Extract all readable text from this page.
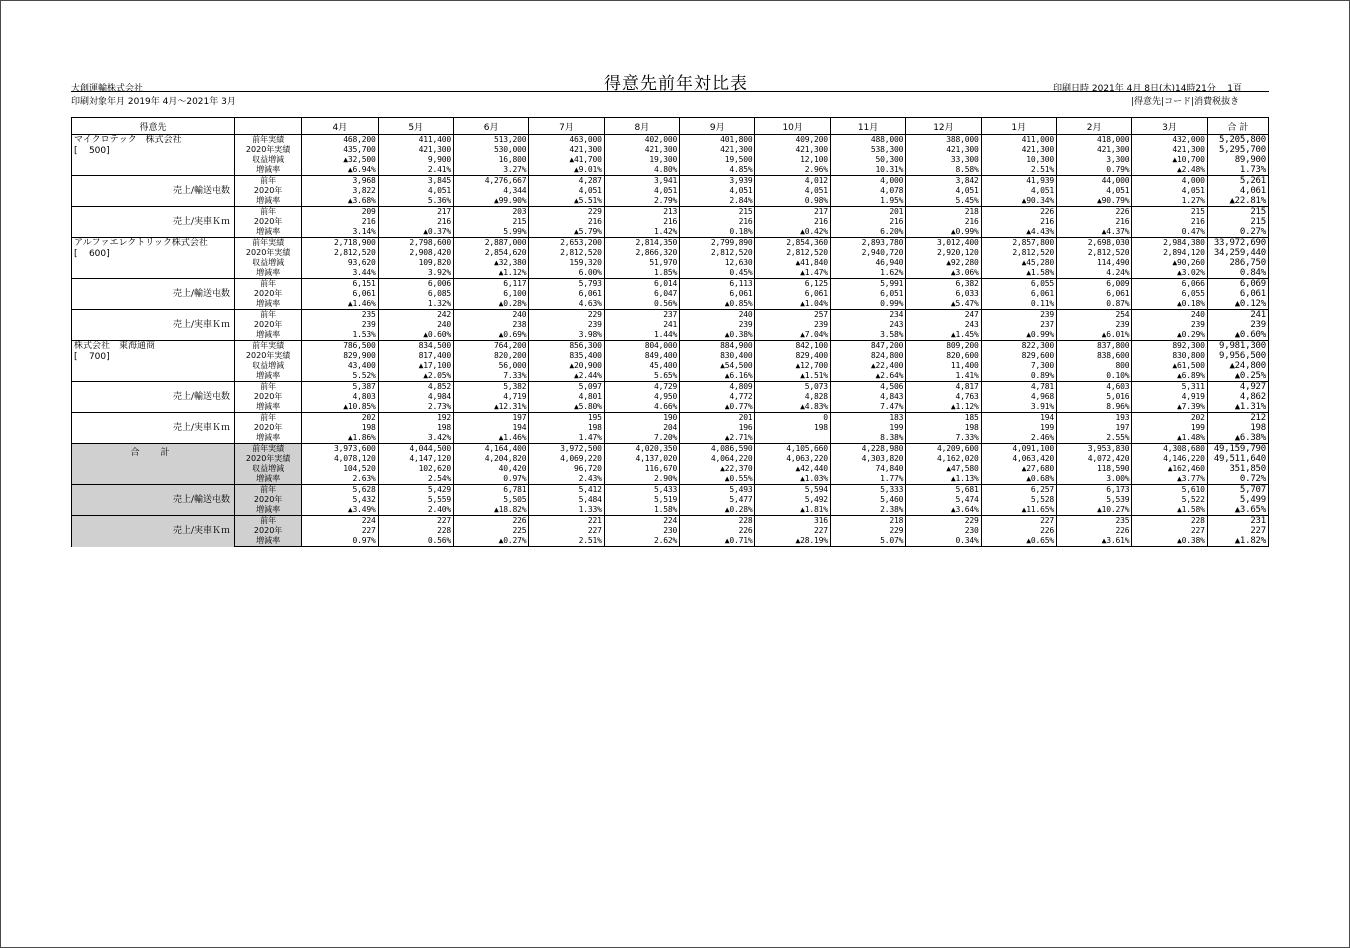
大創運輸株式会社	得意先前年対比表	印刷日時 2021年 4月 8日(木)14時21分    1頁
印刷対象年月 2019年 4月～2021年 3月	|得意先|コード|消費税抜き
得意先		4月	5月	6月	7月	8月	9月	10月	11月	12月	1月	2月	3月	合 計

マイクロテック　株式会社
[    500]	前年実績	468,200	411,400	513,200	463,000	402,000	401,800	409,200	488,000	388,000	411,000	418,000	432,000	5,205,800
	2020年実績	435,700	421,300	530,000	421,300	421,300	421,300	421,300	538,300	421,300	421,300	421,300	421,300	5,295,700
	収益増減	▲32,500	9,900	16,800	▲41,700	19,300	19,500	12,100	50,300	33,300	10,300	3,300	▲10,700	89,900
	増減率	▲6.94%	2.41%	3.27%	▲9.01%	4.80%	4.85%	2.96%	10.31%	8.58%	2.51%	0.79%	▲2.48%	1.73%
売上/輸送屯数	前年	3,968	3,845	4,276,667	4,287	3,941	3,939	4,012	4,000	3,842	41,939	44,000	4,000	5,261
	2020年	3,822	4,051	4,344	4,051	4,051	4,051	4,051	4,078	4,051	4,051	4,051	4,051	4,061
	増減率	▲3.68%	5.36%	▲99.90%	▲5.51%	2.79%	2.84%	0.98%	1.95%	5.45%	▲90.34%	▲90.79%	1.27%	▲22.81%
売上/実車Ｋｍ	前年	209	217	203	229	213	215	217	201	218	226	226	215	215
	2020年	216	216	215	216	216	216	216	216	216	216	216	216	215
	増減率	3.14%	▲0.37%	5.99%	▲5.79%	1.42%	0.18%	▲0.42%	6.20%	▲0.99%	▲4.43%	▲4.37%	0.47%	0.27%

アルファエレクトリック株式会社
[    600]	前年実績	2,718,900	2,798,600	2,887,000	2,653,200	2,814,350	2,799,890	2,854,360	2,893,780	3,012,400	2,857,800	2,698,030	2,984,380	33,972,690
	2020年実績	2,812,520	2,908,420	2,854,620	2,812,520	2,866,320	2,812,520	2,812,520	2,940,720	2,920,120	2,812,520	2,812,520	2,894,120	34,259,440
	収益増減	93,620	109,820	▲32,380	159,320	51,970	12,630	▲41,840	46,940	▲92,280	▲45,280	114,490	▲90,260	286,750
	増減率	3.44%	3.92%	▲1.12%	6.00%	1.85%	0.45%	▲1.47%	1.62%	▲3.06%	▲1.58%	4.24%	▲3.02%	0.84%
売上/輸送屯数	前年	6,151	6,006	6,117	5,793	6,014	6,113	6,125	5,991	6,382	6,055	6,009	6,066	6,069
	2020年	6,061	6,085	6,100	6,061	6,047	6,061	6,061	6,051	6,033	6,061	6,061	6,055	6,061
	増減率	▲1.46%	1.32%	▲0.28%	4.63%	0.56%	▲0.85%	▲1.04%	0.99%	▲5.47%	0.11%	0.87%	▲0.18%	▲0.12%
売上/実車Ｋｍ	前年	235	242	240	229	237	240	257	234	247	239	254	240	241
	2020年	239	240	238	239	241	239	239	243	243	237	239	239	239
	増減率	1.53%	▲0.60%	▲0.69%	3.98%	1.44%	▲0.38%	▲7.04%	3.58%	▲1.45%	▲0.99%	▲6.01%	▲0.29%	▲0.60%

株式会社　東海通商
[    700]	前年実績	786,500	834,500	764,200	856,300	804,000	884,900	842,100	847,200	809,200	822,300	837,800	892,300	9,981,300
	2020年実績	829,900	817,400	820,200	835,400	849,400	830,400	829,400	824,800	820,600	829,600	838,600	830,800	9,956,500
	収益増減	43,400	▲17,100	56,000	▲20,900	45,400	▲54,500	▲12,700	▲22,400	11,400	7,300	800	▲61,500	▲24,800
	増減率	5.52%	▲2.05%	7.33%	▲2.44%	5.65%	▲6.16%	▲1.51%	▲2.64%	1.41%	0.89%	0.10%	▲6.89%	▲0.25%
売上/輸送屯数	前年	5,387	4,852	5,382	5,097	4,729	4,809	5,073	4,506	4,817	4,781	4,603	5,311	4,927
	2020年	4,803	4,984	4,719	4,801	4,950	4,772	4,828	4,843	4,763	4,968	5,016	4,919	4,862
	増減率	▲10.85%	2.73%	▲12.31%	▲5.80%	4.66%	▲0.77%	▲4.83%	7.47%	▲1.12%	3.91%	8.96%	▲7.39%	▲1.31%
売上/実車Ｋｍ	前年	202	192	197	195	190	201	0	183	185	194	193	202	212
	2020年	198	198	194	198	204	196	198	199	198	199	197	199	198
	増減率	▲1.86%	3.42%	▲1.46%	1.47%	7.20%	▲2.71%		8.38%	7.33%	2.46%	2.55%	▲1.48%	▲6.38%

合　計	前年実績	3,973,600	4,044,500	4,164,400	3,972,500	4,020,350	4,086,590	4,105,660	4,228,980	4,209,600	4,091,100	3,953,830	4,308,680	49,159,790
	2020年実績	4,078,120	4,147,120	4,204,820	4,069,220	4,137,020	4,064,220	4,063,220	4,303,820	4,162,020	4,063,420	4,072,420	4,146,220	49,511,640
	収益増減	104,520	102,620	40,420	96,720	116,670	▲22,370	▲42,440	74,840	▲47,580	▲27,680	118,590	▲162,460	351,850
	増減率	2.63%	2.54%	0.97%	2.43%	2.90%	▲0.55%	▲1.03%	1.77%	▲1.13%	▲0.68%	3.00%	▲3.77%	0.72%
売上/輸送屯数	前年	5,628	5,429	6,781	5,412	5,433	5,493	5,594	5,333	5,681	6,257	6,173	5,610	5,707
	2020年	5,432	5,559	5,505	5,484	5,519	5,477	5,492	5,460	5,474	5,528	5,539	5,522	5,499
	増減率	▲3.49%	2.40%	▲18.82%	1.33%	1.58%	▲0.28%	▲1.81%	2.38%	▲3.64%	▲11.65%	▲10.27%	▲1.58%	▲3.65%
売上/実車Ｋｍ	前年	224	227	226	221	224	228	316	218	229	227	235	228	231
	2020年	227	228	225	227	230	226	227	229	230	226	226	227	227
	増減率	0.97%	0.56%	▲0.27%	2.51%	2.62%	▲0.71%	▲28.19%	5.07%	0.34%	▲0.65%	▲3.61%	▲0.38%	▲1.82%
